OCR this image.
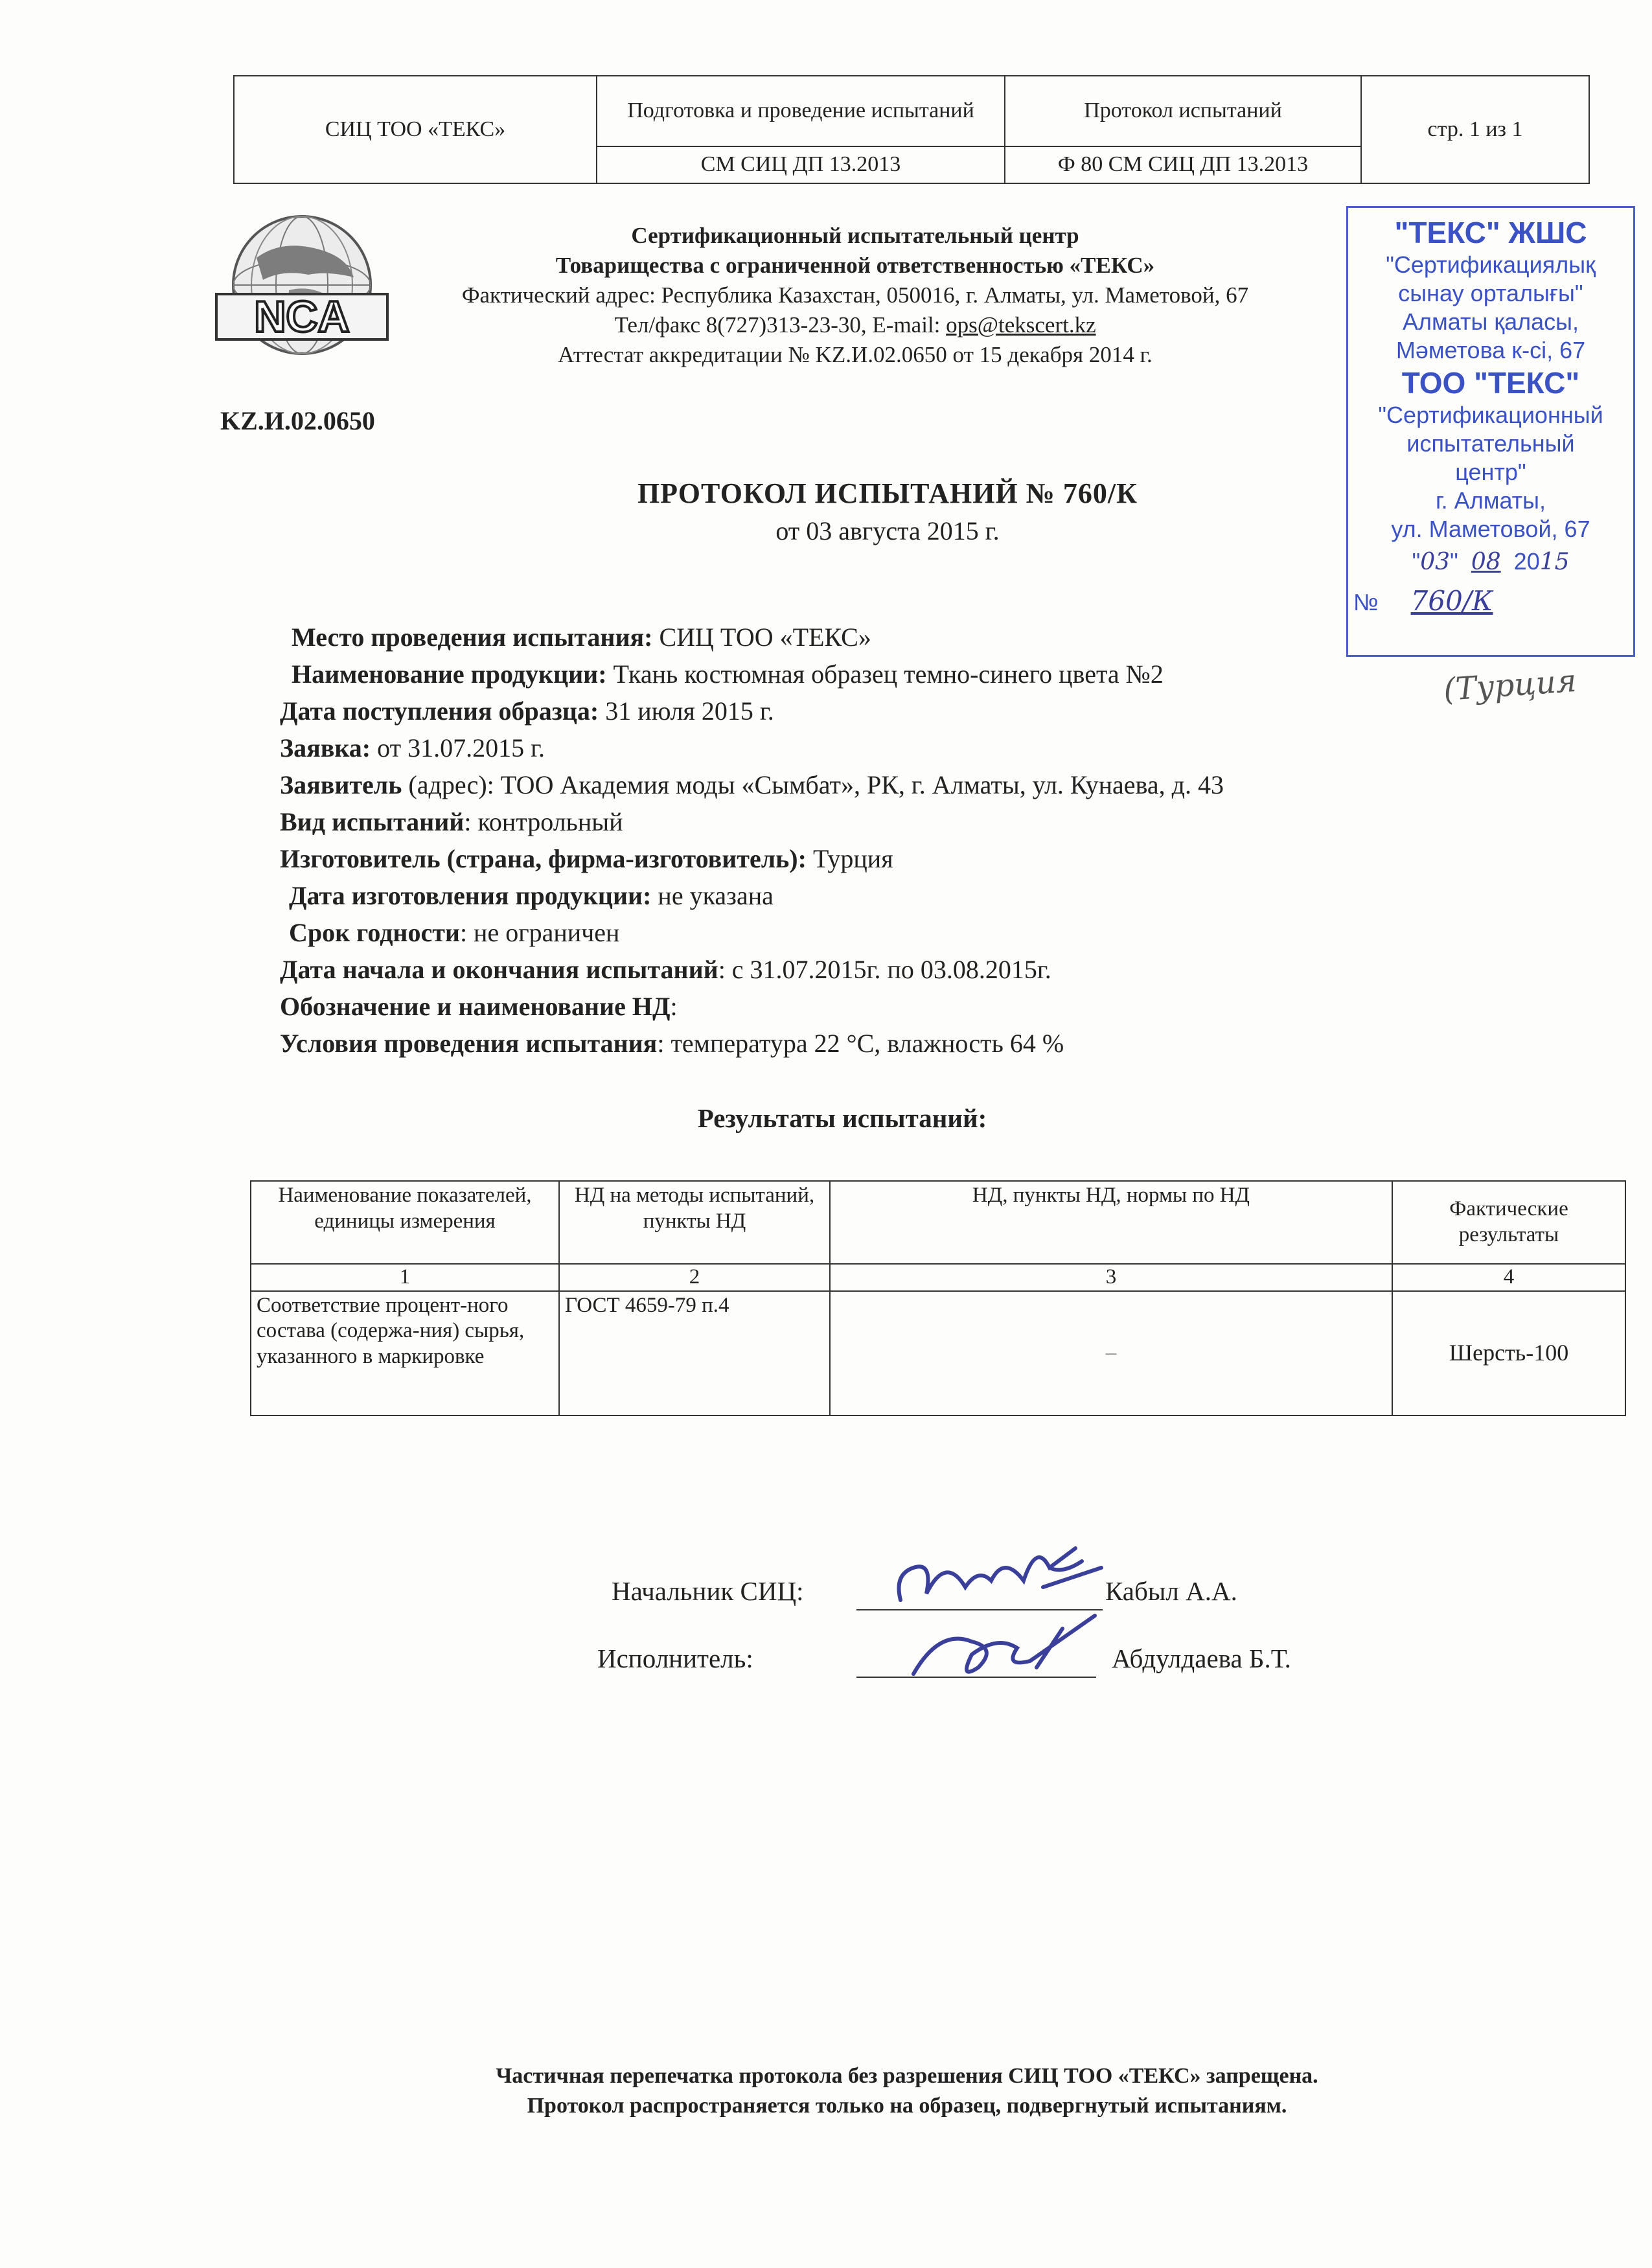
СИЦ ТОО «ТЕКС»	Подготовка и проведение испытаний	Протокол испытаний	стр. 1 из 1
	СМ СИЦ ДП 13.2013	Ф 80 СМ СИЦ ДП 13.2013	
NCA
Сертификационный испытательный центр
Товарищества с ограниченной ответственностью «ТЕКС»
Фактический адрес: Республика Казахстан, 050016, г. Алматы, ул. Маметовой, 67
Тел/факс 8(727)313-23-30, E-mail: ops@tekscert.kz
Аттестат аккредитации № KZ.И.02.0650 от 15 декабря 2014 г.
KZ.И.02.0650
ПРОТОКОЛ ИСПЫТАНИЙ № 760/К
от 03 августа 2015 г.
Место проведения испытания: СИЦ ТОО «ТЕКС»
Наименование продукции: Ткань костюмная образец темно-синего цвета №2
Дата поступления образца: 31 июля 2015 г.
Заявка: от 31.07.2015 г.
Заявитель (адрес): ТОО Академия моды «Сымбат», РК, г. Алматы, ул. Кунаева, д. 43
Вид испытаний: контрольный
Изготовитель (страна, фирма-изготовитель): Турция
Дата изготовления продукции: не указана
Срок годности: не ограничен
Дата начала и окончания испытаний: с 31.07.2015г. по 03.08.2015г.
Обозначение и наименование НД:
Условия проведения испытания: температура 22 °С, влажность 64 %
Результаты испытаний:
Наименование показателей, единицы измерения	НД на методы испытаний, пункты НД	НД, пункты НД, нормы по НД	Фактические результаты
1	2	3	4
Соответствие процент-ного состава (содержа-ния) сырья, указанного в маркировке	ГОСТ 4659-79 п.4	–	Шерсть-100
Начальник СИЦ:	Кабыл А.А.
Исполнитель:	Абдулдаева Б.Т.
"ТЕКС" ЖШС
"Сертификациялық
сынау орталығы"
Алматы қаласы,
Мәметова к-сі, 67
ТОО "ТЕКС"
"Сертификационный
испытательный
центр"
г. Алматы,
ул. Маметовой, 67
"03"  08 2015
№ 760/К
(Турция
Частичная перепечатка протокола без разрешения СИЦ ТОО «ТЕКС» запрещена.
Протокол распространяется только на образец, подвергнутый испытаниям.
